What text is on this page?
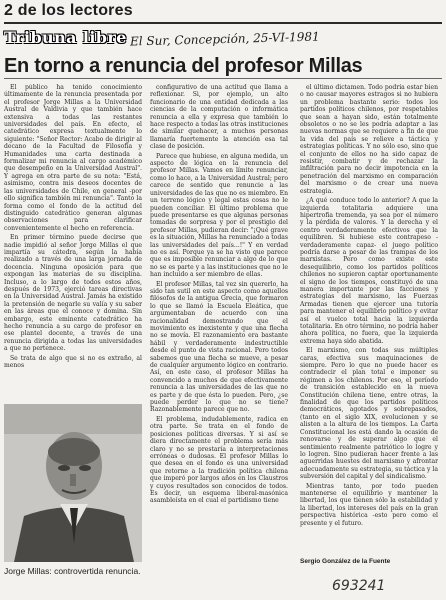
2 de los lectores
Tribuna libre El Sur, Concepción, 25-VI-1981
En torno a renuncia del profesor Millas

El público ha tenido conocimiento últimamente de la renuncia presentada por el profesor Jorge Millas a la Universidad Austral de Valdivia y que también hace extensiva a todas las restantes universidades del país. En efecto, el catedrático expresa textualmente lo siguiente: "Señor Rector: Acabo de dirigir al decano de la Facultad de Filosofía y Humanidades una carta destinada a formalizar mi renuncia al cargo académico que desempeño en la Universidad Austral". Y agrega en otra parte de su nota: "Está, asimismo, contra mis deseos docentes de las universidades de Chile, en general -por ello significa también mi renuncia". Tanto la forma como el fondo de la actitud del distinguido catedrático generan algunas observaciones para clarificar convenientemente el hecho en referencia.

En primer término puede decirse que nadie impidió al señor Jorge Millas el que impartía su cátedra, según la había realizado a través de una larga jornada de docencia. Ninguna oposición para que expongan las materias de su disciplina. Incluso, a lo largo de todos estos años, después de 1973, ejerció tareas directivas en la Universidad Austral. Jamás ha existido la pretensión de negarle su valía y su saber en las áreas que el conoce y domina. Sin embargo, este eminente catedrático ha hecho renuncia a su cargo de profesor en ese plantel docente, a través de una renuncia dirigida a todas las universidades a que no pertenece.

Se trata de algo que si no es extraño, al menos

Jorge Millas: controvertida renuncia.

configurativo de una actitud que llama a reflexionar. Si, por ejemplo, un alto funcionario de una entidad dedicada a las ciencias de la computación o informática renuncia a ella y expresa que también lo hace respecto a todas las otras instituciones de similar quehacer, a muchos personas llamaría fuertemente la atención esa tal clase de posición.

Parece que hubiese, en alguna medida, un aspecto de lógica en la renuncia del profesor Millas. Vamos en límite renunciar, como lo hace, a la Universidad Austral; pero carece de sentido que renuncie a las universidades de las que no es miembro. En un terreno lógico y legal estas cosas no le pueden conciliar. El último problema que puede presentarse es que algunas personas tomadas de sorpresa y por el prestigio del profesor Millas, pudieran decir: "¡Qué grave es la situación, Millas ha renunciado a todas las universidades del país...!" Y en verdad no es así. Porque ya se ha visto que parece que es imposible renunciar a algo de lo que no se es parte y a las instituciones que no le han incluido a ser miembro de ellas.

El profesor Millas, tal vez sin quererlo, ha sido tan sutil en este aspecto como aquellos filósofos de la antigua Grecia, que formaron lo que se llamó la Escuela Eleática, que argumentaban de acuerdo con una racionalidad demostrando que el movimiento es inexistente y que una flecha no se movía. El razonamiento era bastante hábil y verdaderamente indestructible desde el punto de vista racional. Pero todos sabemos que una flecha se mueve, a pesar de cualquier argumento lógico en contrario. Así, en este caso, el profesor Millas ha convencido a muchos de que efectivamente renuncia a las universidades de las que no es parte y de que ésta lo pueden. Pero, ¿se puede perder lo que no se tiene? Razonablemente parece que no.

El problema, indudablemente, radica en otra parte. Se trata en el fondo de posiciones políticas diversas. Y si así se diera directamente el problema sería más claro y no se prestaría a interpretaciones erróneas o dudosas. El profesor Millas lo que desea en el fondo es una universidad que retorne a la tradición política chilena que imperó por largos años en los Claustros y cuyos resultados son conocidos de todos. Es decir, un esquema liberal-masónica asambleísta en el cual el partidismo tiene

el último dictamen. Todo podría estar bien o no causar mayores estragos si no hubiera un problema bastante serio: todos los partidos políticos chilenos, por respetables que sean a hayan sido, están totalmente obsoletos o no se les podría adaptar a las nuevas normas que se requiere a fin de que la vida del país se relieve a táctica y estrategias políticas. Y no sólo eso, sino que el conjunto de ellos no ha sido capaz de resistir, combatir y de rechazar la infiltración para no decir impotencia en la penetración del marxismo en comparación del marxismo o de crear una nueva estrategia.

¿A qué conduce todo lo anterior? A que la izquierda totalitaria adquiere una hipertrofia tremenda, ya sea por el número y la pérdida de valores. Y la derecha y el centro verdaderamente efectivos que la equilibren. Si hubiese este contrapeso -verdaderamente capaz- el juego político podría darse a pesar de las trampas de los marxistas. Pero como existe este desequilibrio, como los partidos políticos chilenos no supieron captar oportunamente el signo de los tiempos, constituyó de una manera importante por las facciones y estrategias del marxismo, las Fuerzas Armadas tienen que ejercer una tutoría para mantener el equilibrio político y evitar así el vuelco total hacia la izquierda totalitaria. En otro término, no podría haber ahora política, no fuera, que la izquierda extrema haya sido abatida.

El marxismo, con todas sus múltiples caras, efectiva sus maquinaciones de siempre. Pero lo que no puede hacer es contradecir el plan total e imponer su régimen a los chilenos. Por eso, el período de transición establecido en la nueva Constitución chilena tiene, entre otras, la finalidad de que los partidos políticos democráticos, agotados y sobrepasados, (tanto en el siglo XIX, evolucionen y se alisten a la altura de los tiempos. La Carta Constitucional les está dando la ocasión de renovarse y de superar algo que el sentimiento realmente patriótico lo logre y lo logren. Sino pudieran hacer frente a las aguerridas huestes del marxismo y afrontar adecuadamente su estrategia, su táctica y la subversión del capital y del sindicalismo.

Mientras tanto, por todo pueden mantenerse el equilibrio y mantener la libertad, los que tienen sólo la estabilidad y la libertad, los intereses del país en la gran perspectiva histórica -esto pero como el presente y el futuro.

Sergio González de la Fuente
693241
